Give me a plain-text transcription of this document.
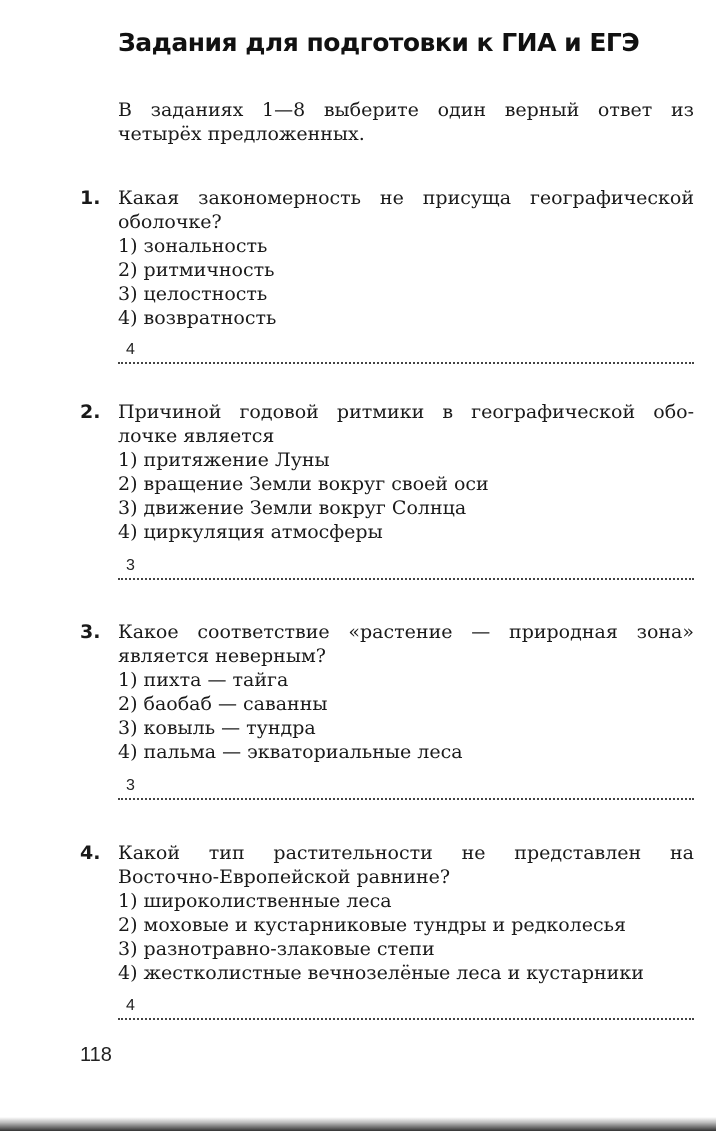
Задания для подготовки к ГИА и ЕГЭ
В заданиях 1—8 выберите один верный ответ из
четырёх предложенных.
1. Какая закономерность не присуща географической
оболочке?
1) зональность
2) ритмичность
3) целостность
4) возвратность
4
2. Причиной годовой ритмики в географической обо-
лочке является
1) притяжение Луны
2) вращение Земли вокруг своей оси
3) движение Земли вокруг Солнца
4) циркуляция атмосферы
3
3. Какое соответствие «растение — природная зона»
является неверным?
1) пихта — тайга
2) баобаб — саванны
3) ковыль — тундра
4) пальма — экваториальные леса
3
4. Какой тип растительности не представлен на
Восточно-Европейской равнине?
1) широколиственные леса
2) моховые и кустарниковые тундры и редколесья
3) разнотравно-злаковые степи
4) жестколистные вечнозелёные леса и кустарники
4
118
